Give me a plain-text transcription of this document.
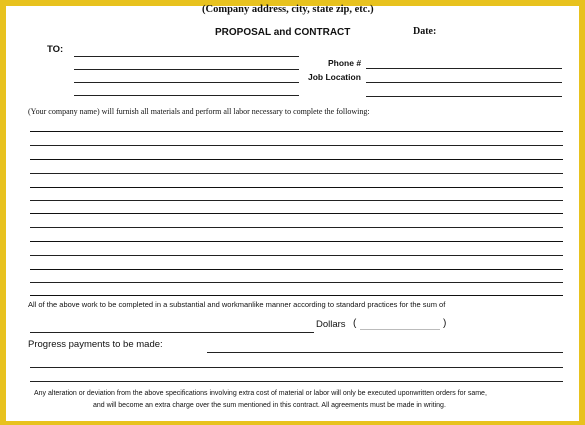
(Company address, city, state zip, etc.)
PROPOSAL and CONTRACT	Date:
TO:
Phone #
Job Location
(Your company name) will furnish all materials and perform all labor necessary to complete the following:
All of the above work to be completed in a substantial and workmanlike manner according to standard practices for the sum of
Dollars (	)
Progress payments to be made:
Any alteration or deviation from the above specifications involving extra cost of material or labor will only be executed uponwritten orders for same,
and will become an extra charge over the sum mentioned in this contract. All agreements must be made in writing.
